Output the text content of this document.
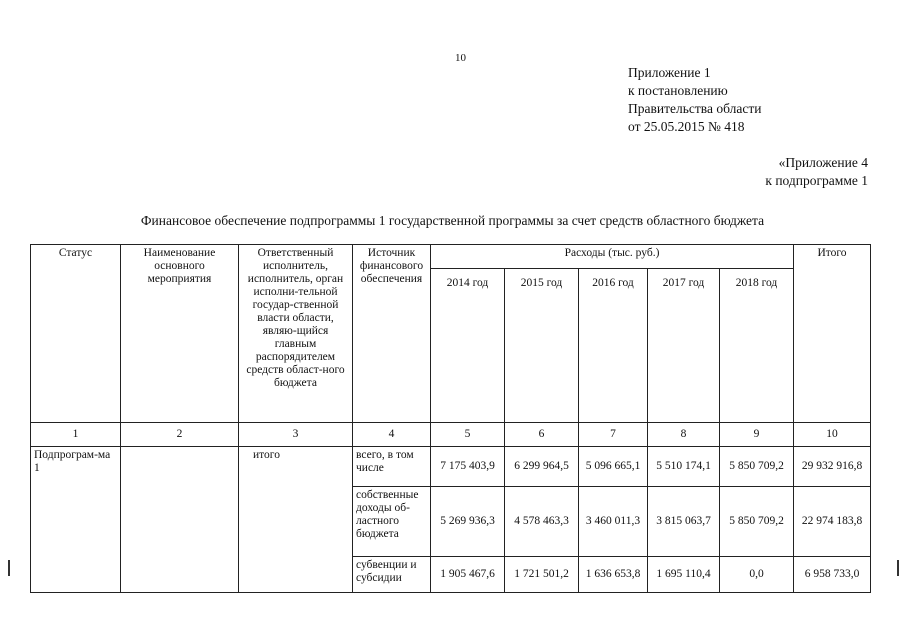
10
Приложение 1
к постановлению
Правительства области
от 25.05.2015 № 418
«Приложение 4
к подпрограмме 1
Финансовое обеспечение подпрограммы 1 государственной программы за счет средств областного бюджета
Статус	Наименование основного мероприятия	Ответственный исполнитель, исполнитель, орган исполни-тельной государ-ственной власти области, являю-щийся главным распорядителем средств област-ного бюджета	Источник финансового обеспечения	Расходы (тыс. руб.)					Итого
				2014 год	2015 год	2016 год	2017 год	2018 год	
1	2	3	4	5	6	7	8	9	10
Подпрограм-ма 1		итого	всего, в том числе	7 175 403,9	6 299 964,5	5 096 665,1	5 510 174,1	5 850 709,2	29 932 916,8
			собственные доходы об-ластного бюджета	5 269 936,3	4 578 463,3	3 460 011,3	3 815 063,7	5 850 709,2	22 974 183,8
			субвенции и субсидии	1 905 467,6	1 721 501,2	1 636 653,8	1 695 110,4	0,0	6 958 733,0
